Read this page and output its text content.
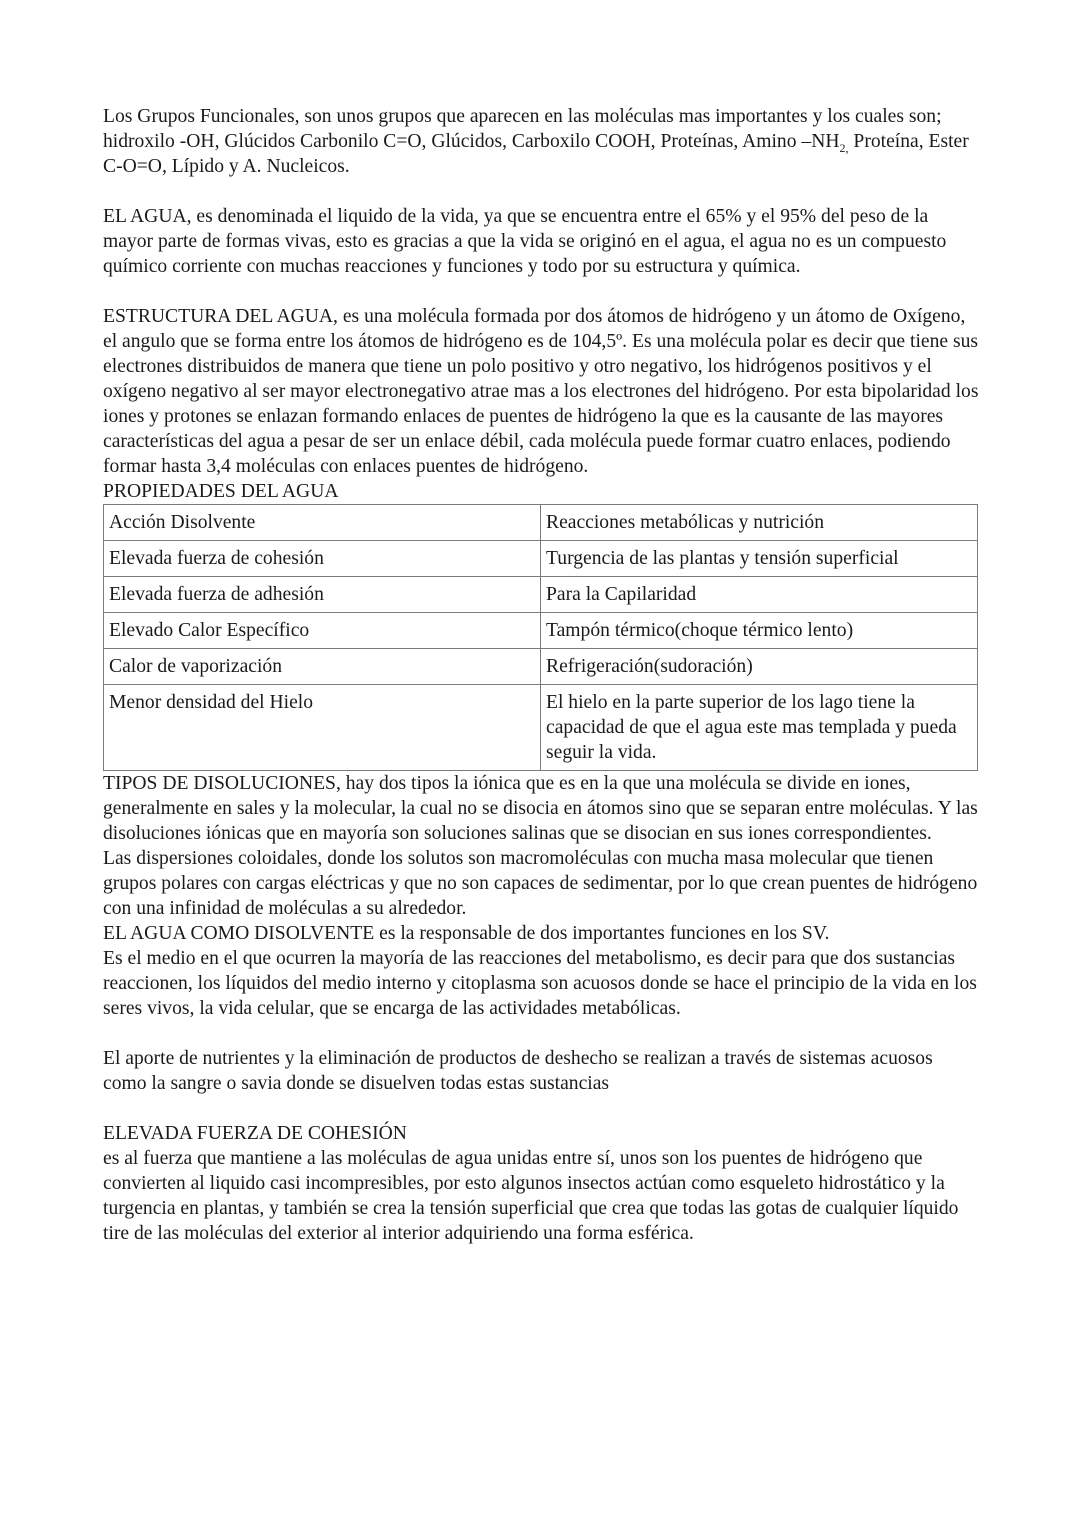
Los Grupos Funcionales, son unos grupos que aparecen en las moléculas mas importantes y los cuales son; hidroxilo -OH, Glúcidos Carbonilo C=O, Glúcidos, Carboxilo COOH, Proteínas, Amino $-NH_{2,}$ Proteína, Ester C-O=O, Lípido y A. Nucleicos.

EL AGUA, es denominada el liquido de la vida, ya que se encuentra entre el 65% y el 95% del peso de la mayor parte de formas vivas, esto es gracias a que la vida se originó en el agua, el agua no es un compuesto químico corriente con muchas reacciones y funciones y todo por su estructura y química.

ESTRUCTURA DEL AGUA, es una molécula formada por dos átomos de hidrógeno y un átomo de Oxígeno, el angulo que se forma entre los átomos de hidrógeno es de 104,5º. Es una molécula polar es decir que tiene sus electrones distribuidos de manera que tiene un polo positivo y otro negativo, los hidrógenos positivos y el oxígeno negativo al ser mayor electronegativo atrae mas a los electrones del hidrógeno. Por esta bipolaridad los iones y protones se enlazan formando enlaces de puentes de hidrógeno la que es la causante de las mayores características del agua a pesar de ser un enlace débil, cada molécula puede formar cuatro enlaces, podiendo formar hasta 3,4 moléculas con enlaces puentes de hidrógeno.

PROPIEDADES DEL AGUA

Acción Disolvente	Reacciones metabólicas y nutrición
Elevada fuerza de cohesión	Turgencia de las plantas y tensión superficial
Elevada fuerza de adhesión	Para la Capilaridad
Elevado Calor Específico	Tampón térmico(choque térmico lento)
Calor de vaporización	Refrigeración(sudoración)
Menor densidad del Hielo	El hielo en la parte superior de los lago tiene la capacidad de que el agua este mas templada y pueda seguir la vida.

TIPOS DE DISOLUCIONES, hay dos tipos la iónica que es en la que una molécula se divide en iones, generalmente en sales y la molecular, la cual no se disocia en átomos sino que se separan entre moléculas. Y las disoluciones iónicas que en mayoría son soluciones salinas que se disocian en sus iones correspondientes.

Las dispersiones coloidales, donde los solutos son macromoléculas con mucha masa molecular que tienen grupos polares con cargas eléctricas y que no son capaces de sedimentar, por lo que crean puentes de hidrógeno con una infinidad de moléculas a su alrededor.

EL AGUA COMO DISOLVENTE es la responsable de dos importantes funciones en los SV.

Es el medio en el que ocurren la mayoría de las reacciones del metabolismo, es decir para que dos sustancias reaccionen, los líquidos del medio interno y citoplasma son acuosos donde se hace el principio de la vida en los seres vivos, la vida celular, que se encarga de las actividades metabólicas.

El aporte de nutrientes y la eliminación de productos de deshecho se realizan a través de sistemas acuosos como la sangre o savia donde se disuelven todas estas sustancias

ELEVADA FUERZA DE COHESIÓN

es al fuerza que mantiene a las moléculas de agua unidas entre sí, unos son los puentes de hidrógeno que convierten al liquido casi incompresibles, por esto algunos insectos actúan como esqueleto hidrostático y la turgencia en plantas, y también se crea la tensión superficial que crea que todas las gotas de cualquier líquido tire de las moléculas del exterior al interior adquiriendo una forma esférica.
